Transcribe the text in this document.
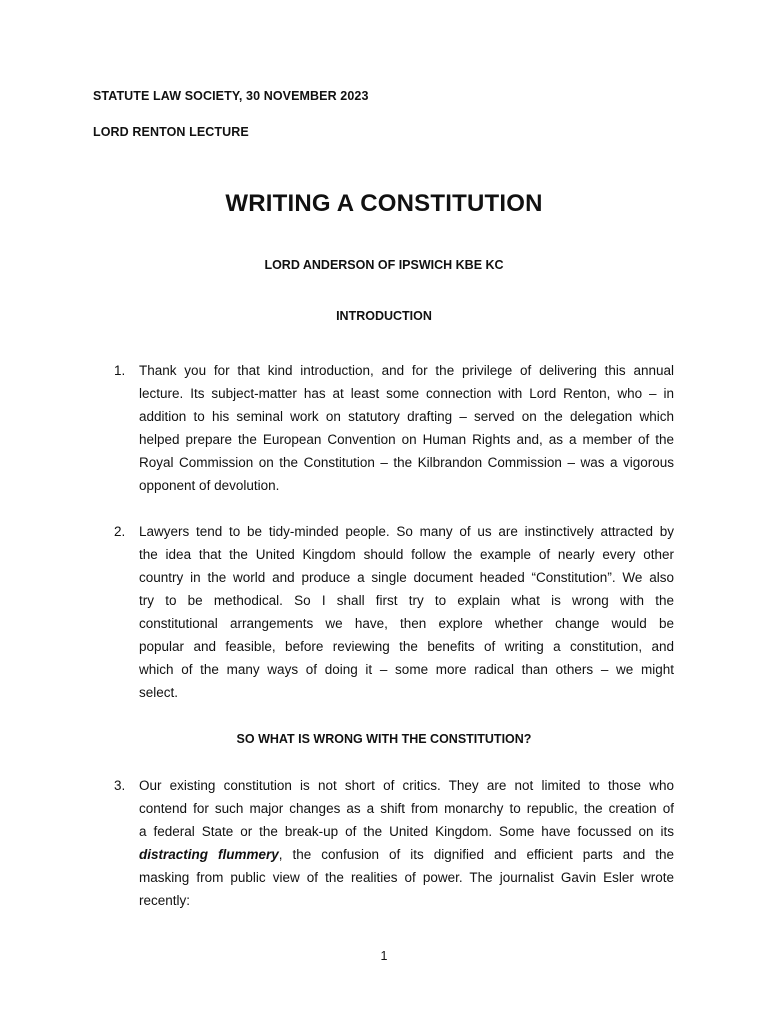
STATUTE LAW SOCIETY, 30 NOVEMBER 2023

LORD RENTON LECTURE

WRITING A CONSTITUTION

LORD ANDERSON OF IPSWICH KBE KC

INTRODUCTION

1. Thank you for that kind introduction, and for the privilege of delivering this annual
lecture. Its subject-matter has at least some connection with Lord Renton, who – in
addition to his seminal work on statutory drafting – served on the delegation which
helped prepare the European Convention on Human Rights and, as a member of the
Royal Commission on the Constitution – the Kilbrandon Commission – was a vigorous
opponent of devolution.

2. Lawyers tend to be tidy-minded people. So many of us are instinctively attracted by
the idea that the United Kingdom should follow the example of nearly every other
country in the world and produce a single document headed “Constitution”. We also
try to be methodical. So I shall first try to explain what is wrong with the
constitutional arrangements we have, then explore whether change would be
popular and feasible, before reviewing the benefits of writing a constitution, and
which of the many ways of doing it – some more radical than others – we might
select.

SO WHAT IS WRONG WITH THE CONSTITUTION?

3. Our existing constitution is not short of critics. They are not limited to those who
contend for such major changes as a shift from monarchy to republic, the creation of
a federal State or the break-up of the United Kingdom. Some have focussed on its
distracting flummery, the confusion of its dignified and efficient parts and the
masking from public view of the realities of power. The journalist Gavin Esler wrote
recently:

1
